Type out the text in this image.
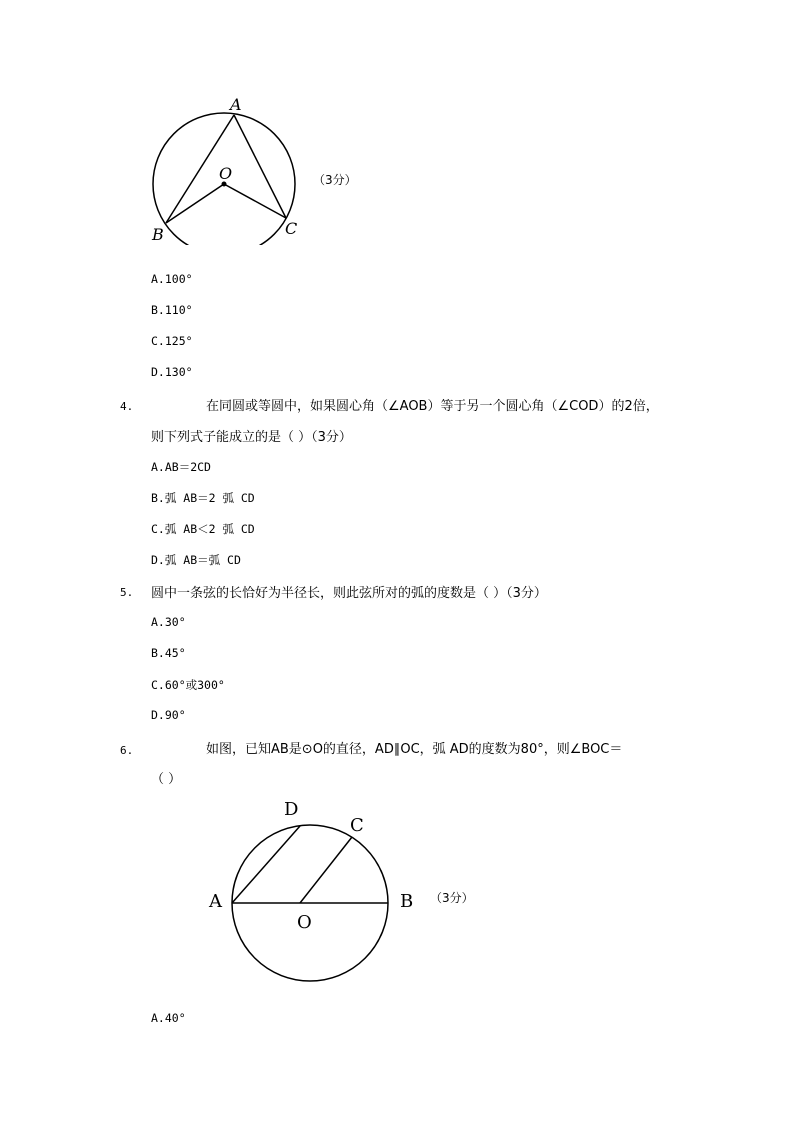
A
O
B	C
（3分）
A.100°
B.110°
C.125°
D.130°
4.	在同圆或等圆中，如果圆心角（∠AOB）等于另一个圆心角（∠COD）的2倍，
则下列式子能成立的是（ ）（3分）
A.AB＝2CD
B.弧 AB＝2 弧 CD
C.弧 AB＜2 弧 CD
D.弧 AB＝弧 CD
5. 圆中一条弦的长恰好为半径长，则此弦所对的弧的度数是（ ）（3分）
A.30°
B.45°
C.60°或300°
D.90°
6.	如图，已知AB是⊙O的直径，AD∥OC，弧 AD的度数为80°，则∠BOC＝
（ ）
A	B
C
D
O
（3分）
A.40°
